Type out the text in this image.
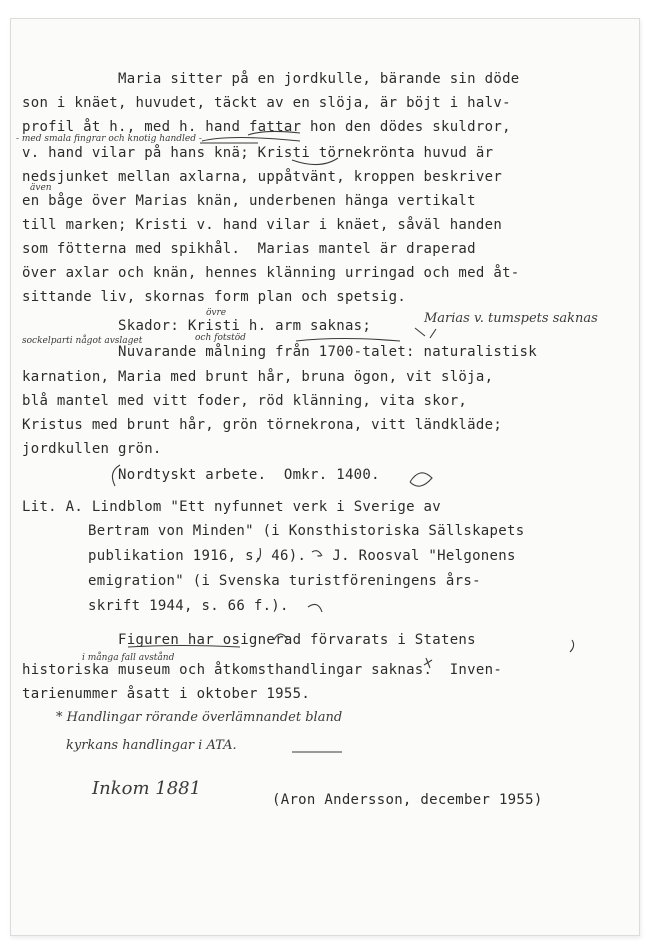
Maria sitter på en jordkulle, bärande sin döde
son i knäet, huvudet, täckt av en slöja, är böjt i halv-
profil åt h., med h. hand fattar hon den dödes skuldror,
v. hand vilar på hans knä; Kristi törnekrönta huvud är
nedsjunket mellan axlarna, uppåtvänt, kroppen beskriver
en båge över Marias knän, underbenen hänga vertikalt
till marken; Kristi v. hand vilar i knäet, såväl handen
som fötterna med spikhål.  Marias mantel är draperad
över axlar och knän, hennes klänning urringad och med åt-
sittande liv, skornas form plan och spetsig.
Skador: Kristi h. arm saknas;
Nuvarande målning från 1700-talet: naturalistisk
karnation, Maria med brunt hår, bruna ögon, vit slöja,
blå mantel med vitt foder, röd klänning, vita skor,
Kristus med brunt hår, grön törnekrona, vitt ländkläde;
jordkullen grön.
Nordtyskt arbete.  Omkr. 1400.
Lit. A. Lindblom "Ett nyfunnet verk i Sverige av
Bertram von Minden" (i Konsthistoriska Sällskapets
publikation 1916, s. 46). - J. Roosval "Helgonens
emigration" (i Svenska turistföreningens års-
skrift 1944, s. 66 f.).
Figuren har osignerad förvarats i Statens
historiska museum och åtkomsthandlingar saknas.  Inven-
tarienummer åsatt i oktober 1955.
(Aron Andersson, december 1955)
- med smala fingrar och knotig handled -
även
övre	Marias v. tumspets saknas
sockelparti något avslaget	och fotstöd
i många fall avstånd
* Handlingar rörande överlämnandet bland
kyrkans handlingar i ATA.
Inkom 1881
